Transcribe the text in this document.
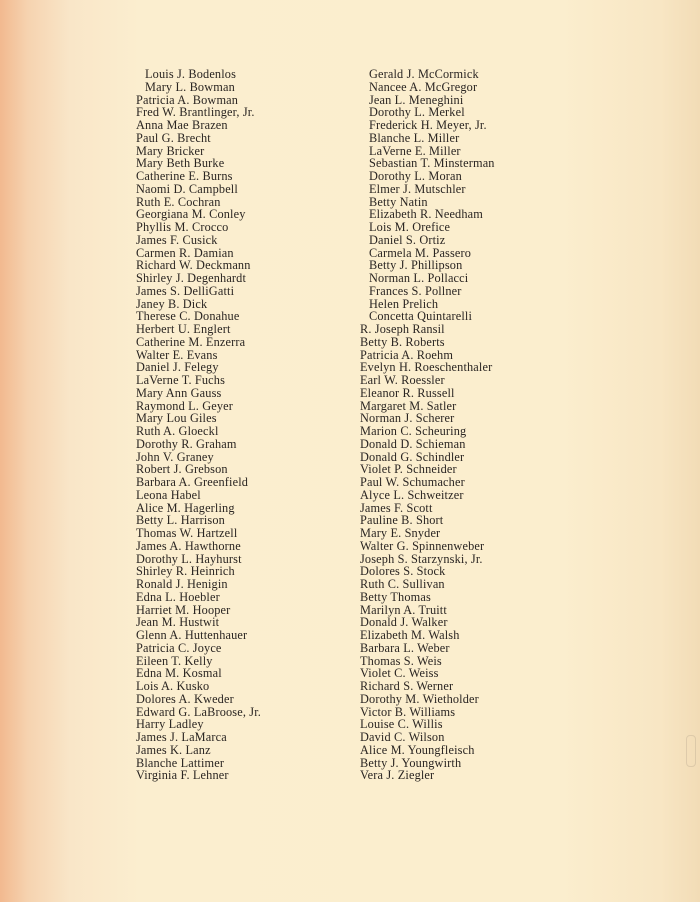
Louis J. Bodenlos
Mary L. Bowman
Patricia A. Bowman
Fred W. Brantlinger, Jr.
Anna Mae Brazen
Paul G. Brecht
Mary Bricker
Mary Beth Burke
Catherine E. Burns
Naomi D. Campbell
Ruth E. Cochran
Georgiana M. Conley
Phyllis M. Crocco
James F. Cusick
Carmen R. Damian
Richard W. Deckmann
Shirley J. Degenhardt
James S. DelliGatti
Janey B. Dick
Therese C. Donahue
Herbert U. Englert
Catherine M. Enzerra
Walter E. Evans
Daniel J. Felegy
LaVerne T. Fuchs
Mary Ann Gauss
Raymond L. Geyer
Mary Lou Giles
Ruth A. Gloeckl
Dorothy R. Graham
John V. Graney
Robert J. Grebson
Barbara A. Greenfield
Leona Habel
Alice M. Hagerling
Betty L. Harrison
Thomas W. Hartzell
James A. Hawthorne
Dorothy L. Hayhurst
Shirley R. Heinrich
Ronald J. Henigin
Edna L. Hoebler
Harriet M. Hooper
Jean M. Hustwit
Glenn A. Huttenhauer
Patricia C. Joyce
Eileen T. Kelly
Edna M. Kosmal
Lois A. Kusko
Dolores A. Kweder
Edward G. LaBroose, Jr.
Harry Ladley
James J. LaMarca
James K. Lanz
Blanche Lattimer
Virginia F. Lehner
Gerald J. McCormick
Nancee A. McGregor
Jean L. Meneghini
Dorothy L. Merkel
Frederick H. Meyer, Jr.
Blanche L. Miller
LaVerne E. Miller
Sebastian T. Minsterman
Dorothy L. Moran
Elmer J. Mutschler
Betty Natin
Elizabeth R. Needham
Lois M. Orefice
Daniel S. Ortiz
Carmela M. Passero
Betty J. Phillipson
Norman L. Pollacci
Frances S. Pollner
Helen Prelich
Concetta Quintarelli
R. Joseph Ransil
Betty B. Roberts
Patricia A. Roehm
Evelyn H. Roeschenthaler
Earl W. Roessler
Eleanor R. Russell
Margaret M. Satler
Norman J. Scherer
Marion C. Scheuring
Donald D. Schieman
Donald G. Schindler
Violet P. Schneider
Paul W. Schumacher
Alyce L. Schweitzer
James F. Scott
Pauline B. Short
Mary E. Snyder
Walter G. Spinnenweber
Joseph S. Starzynski, Jr.
Dolores S. Stock
Ruth C. Sullivan
Betty Thomas
Marilyn A. Truitt
Donald J. Walker
Elizabeth M. Walsh
Barbara L. Weber
Thomas S. Weis
Violet C. Weiss
Richard S. Werner
Dorothy M. Wietholder
Victor B. Williams
Louise C. Willis
David C. Wilson
Alice M. Youngfleisch
Betty J. Youngwirth
Vera J. Ziegler
